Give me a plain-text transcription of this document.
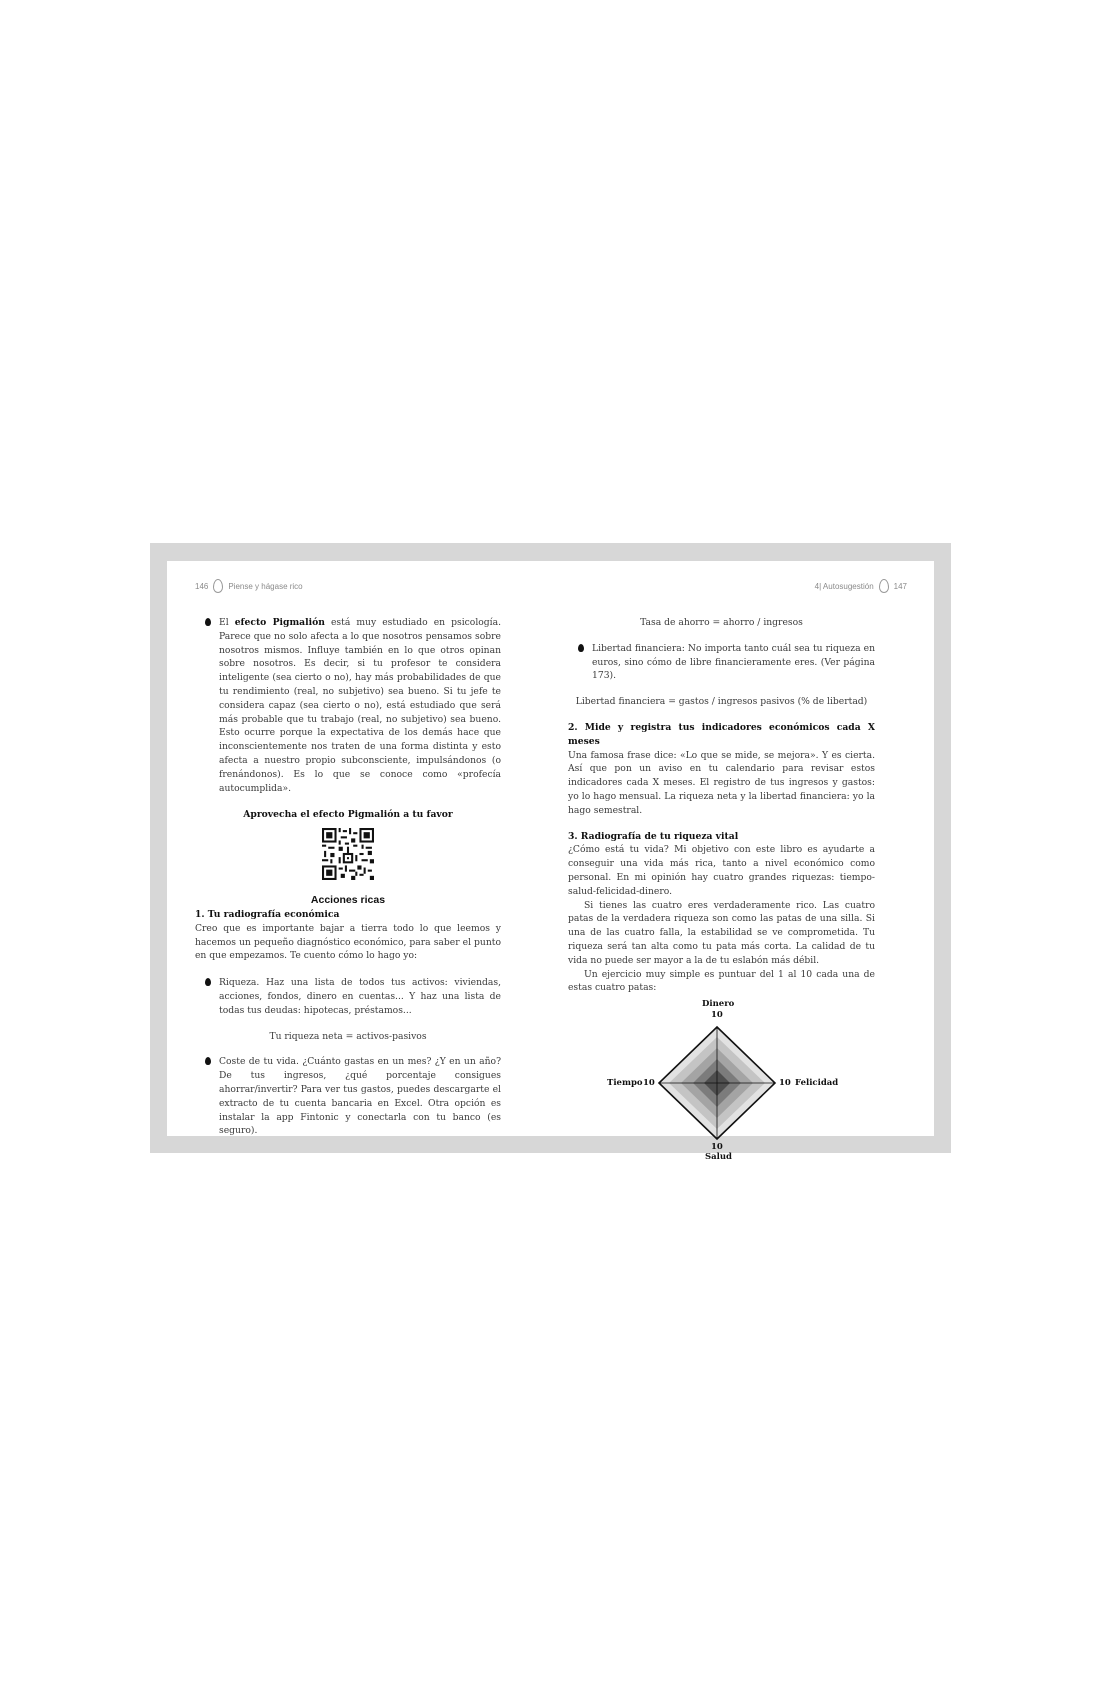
146	Piense y hágase rico

El efecto Pigmalión está muy estudiado en psicología. Parece que no solo afecta a lo que nosotros pensamos sobre nosotros mismos. Influye también en lo que otros opinan sobre nosotros. Es decir, si tu profesor te considera inteligente (sea cierto o no), hay más probabilidades de que tu rendimiento (real, no subjetivo) sea bueno. Si tu jefe te considera capaz (sea cierto o no), está estudiado que será más probable que tu trabajo (real, no subjetivo) sea bueno. Esto ocurre porque la expectativa de los demás hace que inconscientemente nos traten de una forma distinta y esto afecta a nuestro propio subconsciente, impulsándonos (o frenándonos). Es lo que se conoce como «profecía autocumplida».

Aprovecha el efecto Pigmalión a tu favor

Acciones ricas

1. Tu radiografía económica

Creo que es importante bajar a tierra todo lo que leemos y hacemos un pequeño diagnóstico económico, para saber el punto en que empezamos. Te cuento cómo lo hago yo:

Riqueza. Haz una lista de todos tus activos: viviendas, acciones, fondos, dinero en cuentas... Y haz una lista de todas tus deudas: hipotecas, préstamos...

Tu riqueza neta = activos-pasivos

Coste de tu vida. ¿Cuánto gastas en un mes? ¿Y en un año? De tus ingresos, ¿qué porcentaje consigues ahorrar/invertir? Para ver tus gastos, puedes descargarte el extracto de tu cuenta bancaria en Excel. Otra opción es instalar la app Fintonic y conectarla con tu banco (es seguro).

4| Autosugestión	147

Tasa de ahorro = ahorro / ingresos

Libertad financiera: No importa tanto cuál sea tu riqueza en euros, sino cómo de libre financieramente eres. (Ver página 173).

Libertad financiera = gastos / ingresos pasivos (% de libertad)

2. Mide y registra tus indicadores económicos cada X meses

Una famosa frase dice: «Lo que se mide, se mejora». Y es cierta. Así que pon un aviso en tu calendario para revisar estos indicadores cada X meses. El registro de tus ingresos y gastos: yo lo hago mensual. La riqueza neta y la libertad financiera: yo la hago semestral.

3. Radiografía de tu riqueza vital

¿Cómo está tu vida? Mi objetivo con este libro es ayudarte a conseguir una vida más rica, tanto a nivel económico como personal. En mi opinión hay cuatro grandes riquezas: tiempo-salud-felicidad-dinero.

Si tienes las cuatro eres verdaderamente rico. Las cuatro patas de la verdadera riqueza son como las patas de una silla. Si una de las cuatro falla, la estabilidad se ve comprometida. Tu riqueza será tan alta como tu pata más corta. La calidad de tu vida no puede ser mayor a la de tu eslabón más débil.

Un ejercicio muy simple es puntuar del 1 al 10 cada una de estas cuatro patas:

Dinero
10
10 Felicidad
10
Salud
Tiempo 10
